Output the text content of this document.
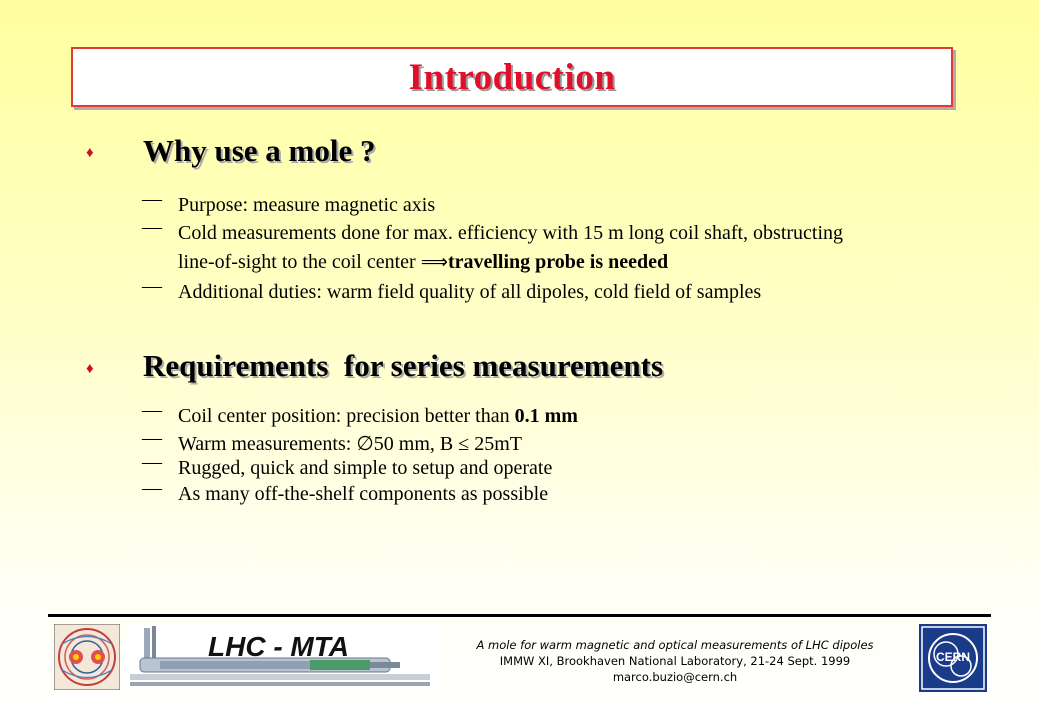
Introduction
♦ Why use a mole ?
— Purpose: measure magnetic axis
— Cold measurements done for max. efficiency with 15 m long coil shaft, obstructing
line-of-sight to the coil center ⟹travelling probe is needed
— Additional duties: warm field quality of all dipoles, cold field of samples
♦ Requirements  for series measurements
— Coil center position: precision better than 0.1 mm
— Warm measurements: ∅50 mm, B ≤ 25mT
— Rugged, quick and simple to setup and operate
— As many off-the-shelf components as possible
LHC - MTA	A mole for warm magnetic and optical measurements of LHC dipoles
IMMW XI, Brookhaven National Laboratory, 21-24 Sept. 1999
marco.buzio@cern.ch
CERN
